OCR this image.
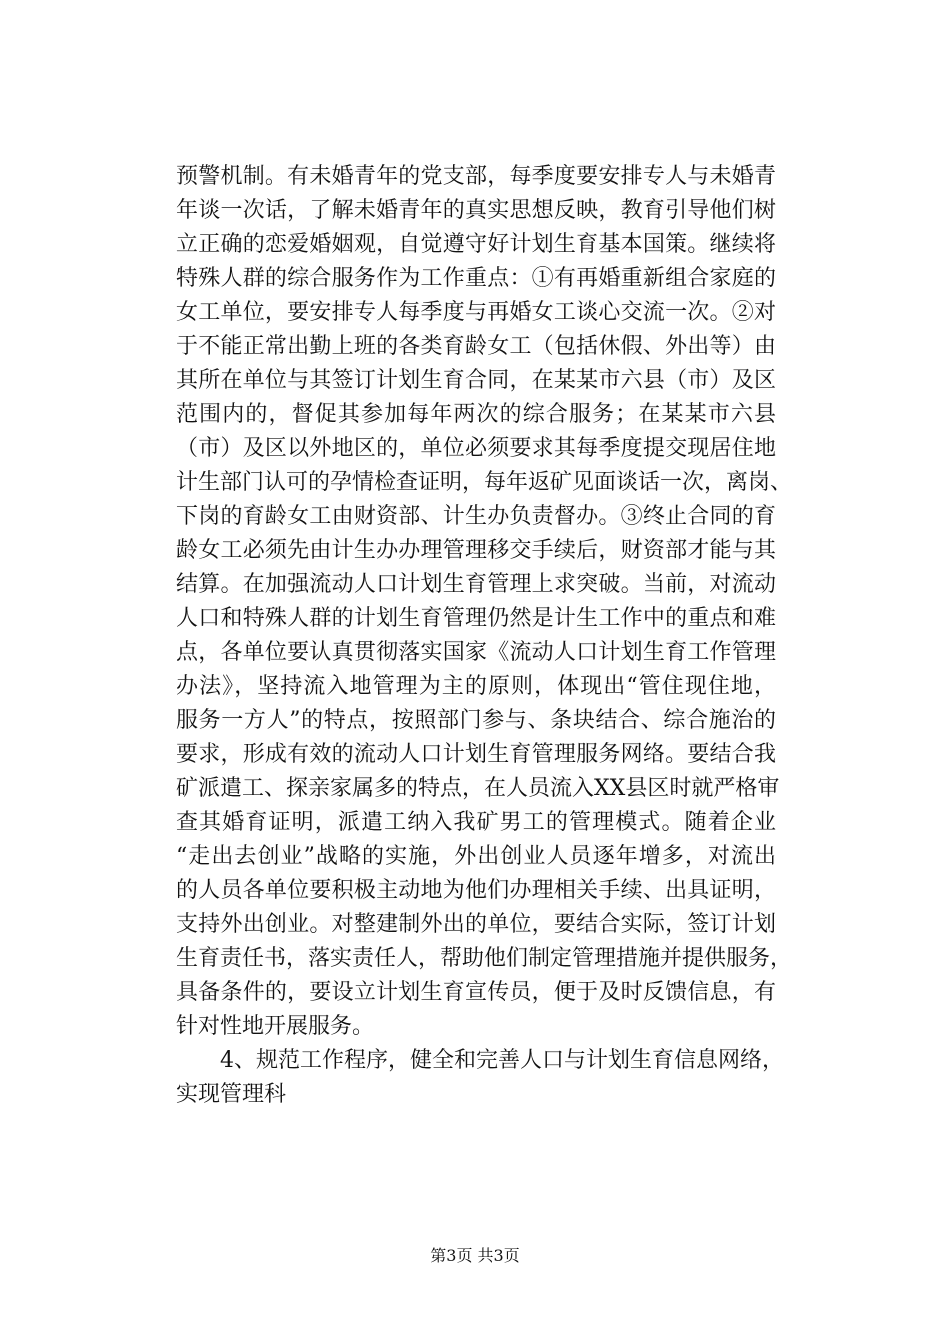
预警机制。有未婚青年的党支部，每季度要安排专人与未婚青
年谈一次话，了解未婚青年的真实思想反映，教育引导他们树
立正确的恋爱婚姻观，自觉遵守好计划生育基本国策。继续将
特殊人群的综合服务作为工作重点：①有再婚重新组合家庭的
女工单位，要安排专人每季度与再婚女工谈心交流一次。②对
于不能正常出勤上班的各类育龄女工（包括休假、外出等）由
其所在单位与其签订计划生育合同，在某某市六县（市）及区
范围内的，督促其参加每年两次的综合服务；在某某市六县
（市）及区以外地区的，单位必须要求其每季度提交现居住地
计生部门认可的孕情检查证明，每年返矿见面谈话一次，离岗、
下岗的育龄女工由财资部、计生办负责督办。③终止合同的育
龄女工必须先由计生办办理管理移交手续后，财资部才能与其
结算。在加强流动人口计划生育管理上求突破。当前，对流动
人口和特殊人群的计划生育管理仍然是计生工作中的重点和难
点，各单位要认真贯彻落实国家《流动人口计划生育工作管理
办法》，坚持流入地管理为主的原则，体现出“管住现住地，
服务一方人”的特点，按照部门参与、条块结合、综合施治的
要求，形成有效的流动人口计划生育管理服务网络。要结合我
矿派遣工、探亲家属多的特点，在人员流入XX县区时就严格审
查其婚育证明，派遣工纳入我矿男工的管理模式。随着企业
“走出去创业”战略的实施，外出创业人员逐年增多，对流出
的人员各单位要积极主动地为他们办理相关手续、出具证明，
支持外出创业。对整建制外出的单位，要结合实际，签订计划
生育责任书，落实责任人，帮助他们制定管理措施并提供服务，
具备条件的，要设立计划生育宣传员，便于及时反馈信息，有
针对性地开展服务。
4、规范工作程序，健全和完善人口与计划生育信息网络，
实现管理科
第3页 共3页
